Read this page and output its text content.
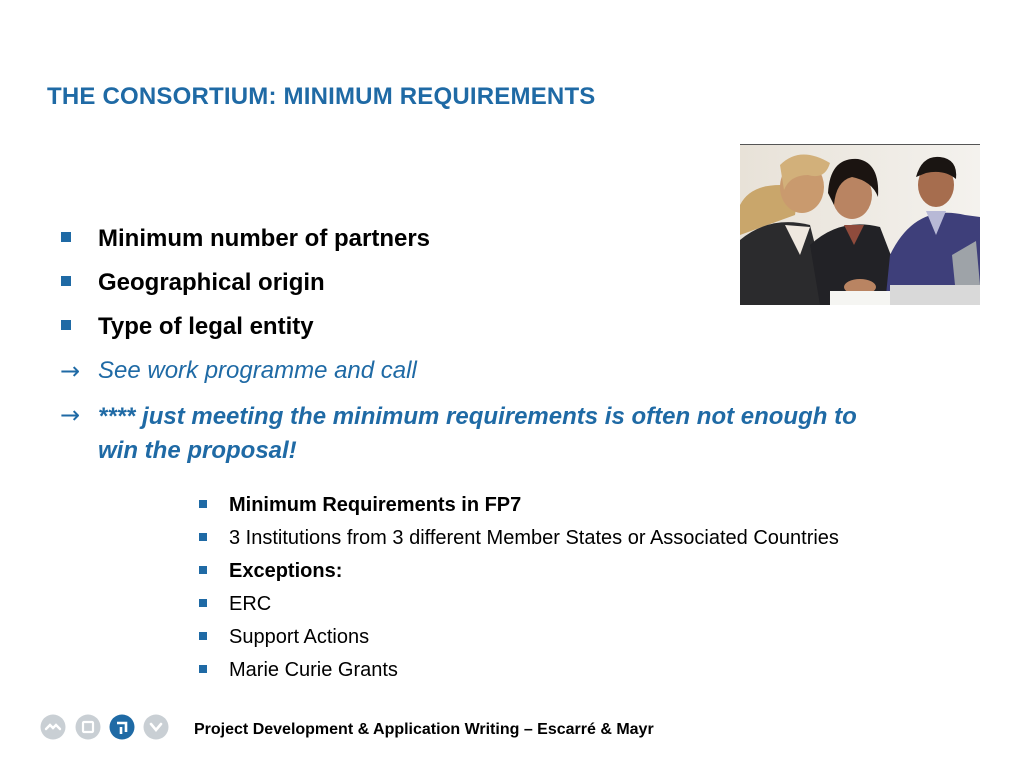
THE CONSORTIUM: MINIMUM REQUIREMENTS
Minimum number of partners
Geographical origin
Type of legal entity
→ See work programme and call
→ **** just meeting the minimum requirements is often not enough to win the proposal!
Minimum Requirements in FP7
3 Institutions from 3 different Member States or Associated Countries
Exceptions:
ERC
Support Actions
Marie Curie Grants
Project Development & Application Writing – Escarré & Mayr
